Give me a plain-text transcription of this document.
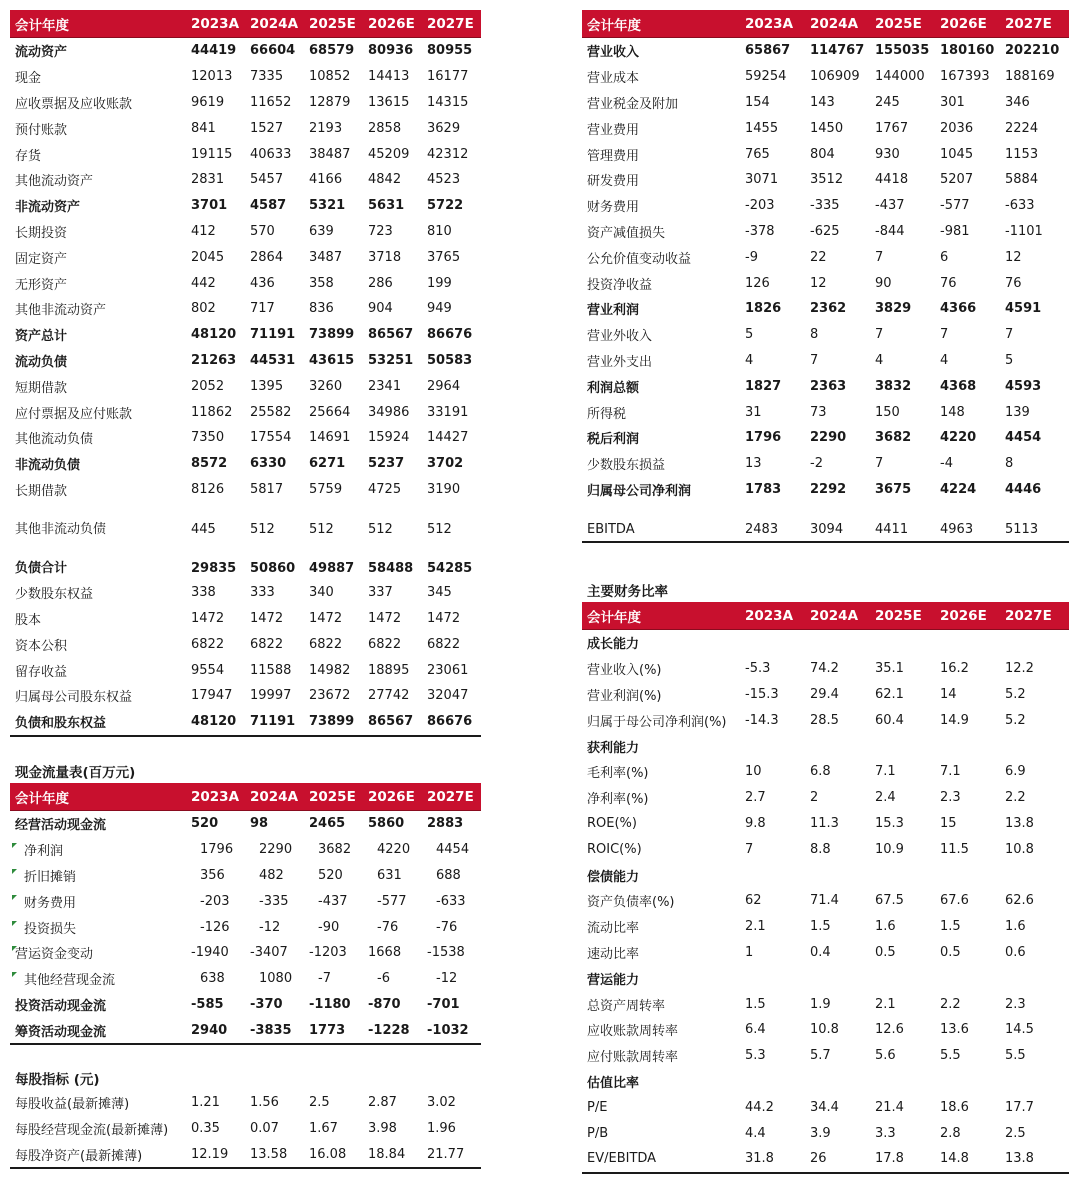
会计年度	2023A 2024A 2025E 2026E 2027E
流动资产	44419	66604	68579	80936	80955
现金	12013	7335	10852	14413	16177
应收票据及应收账款	9619	11652	12879	13615	14315
预付账款	841	1527	2193	2858	3629
存货	19115	40633	38487	45209	42312
其他流动资产	2831	5457	4166	4842	4523
非流动资产	3701	4587	5321	5631	5722
长期投资	412	570	639	723	810
固定资产	2045	2864	3487	3718	3765
无形资产	442	436	358	286	199
其他非流动资产	802	717	836	904	949
资产总计	48120	71191	73899	86567	86676
流动负债	21263	44531	43615	53251	50583
短期借款	2052	1395	3260	2341	2964
应付票据及应付账款	11862	25582	25664	34986	33191
其他流动负债	7350	17554	14691	15924	14427
非流动负债	8572	6330	6271	5237	3702
长期借款	8126	5817	5759	4725	3190
其他非流动负债	445	512	512	512	512
负债合计	29835	50860	49887	58488	54285
少数股东权益	338	333	340	337	345
股本	1472	1472	1472	1472	1472
资本公积	6822	6822	6822	6822	6822
留存收益	9554	11588	14982	18895	23061
归属母公司股东权益	17947	19997	23672	27742	32047
负债和股东权益	48120	71191	73899	86567	86676
会计年度	2023A	2024A	2025E	2026E	2027E
营业收入	65867	114767 155035 180160 202210
营业成本	59254	106909	144000	167393	188169
营业税金及附加	154	143	245	301	346
营业费用	1455	1450	1767	2036	2224
管理费用	765	804	930	1045	1153
研发费用	3071	3512	4418	5207	5884
财务费用	-203	-335	-437	-577	-633
资产减值损失	-378	-625	-844	-981	-1101
公允价值变动收益	-9	22	7	6	12
投资净收益	126	12	90	76	76
营业利润	1826	2362	3829	4366	4591
营业外收入	5	8	7	7	7
营业外支出	4	7	4	4	5
利润总额	1827	2363	3832	4368	4593
所得税	31	73	150	148	139
税后利润	1796	2290	3682	4220	4454
少数股东损益	13	-2	7	-4	8
归属母公司净利润	1783	2292	3675	4224	4446
EBITDA	2483	3094	4411	4963	5113
现金流量表(百万元)
会计年度	2023A 2024A 2025E 2026E 2027E
经营活动现金流	520	98	2465	5860	2883
净利润	1796	2290	3682	4220	4454
折旧摊销	356	482	520	631	688
财务费用	-203	-335	-437	-577	-633
投资损失	-126	-12	-90	-76	-76
营运资金变动	-1940	-3407	-1203	1668	-1538
其他经营现金流	638	1080	-7	-6	-12
投资活动现金流	-585	-370	-1180	-870	-701
筹资活动现金流	2940	-3835	1773	-1228	-1032
每股指标 (元)
每股收益(最新摊薄)	1.21	1.56	2.5	2.87	3.02
每股经营现金流(最新摊薄)	0.35	0.07	1.67	3.98	1.96
每股净资产(最新摊薄)	12.19	13.58	16.08	18.84	21.77
主要财务比率
会计年度	2023A	2024A	2025E	2026E	2027E
成长能力
营业收入(%)	-5.3	74.2	35.1	16.2	12.2
营业利润(%)	-15.3	29.4	62.1	14	5.2
归属于母公司净利润(%)	-14.3	28.5	60.4	14.9	5.2
获利能力
毛利率(%)	10	6.8	7.1	7.1	6.9
净利率(%)	2.7	2	2.4	2.3	2.2
ROE(%)	9.8	11.3	15.3	15	13.8
ROIC(%)	7	8.8	10.9	11.5	10.8
偿债能力
资产负债率(%)	62	71.4	67.5	67.6	62.6
流动比率	2.1	1.5	1.6	1.5	1.6
速动比率	1	0.4	0.5	0.5	0.6
营运能力
总资产周转率	1.5	1.9	2.1	2.2	2.3
应收账款周转率	6.4	10.8	12.6	13.6	14.5
应付账款周转率	5.3	5.7	5.6	5.5	5.5
估值比率
P/E	44.2	34.4	21.4	18.6	17.7
P/B	4.4	3.9	3.3	2.8	2.5
EV/EBITDA	31.8	26	17.8	14.8	13.8
